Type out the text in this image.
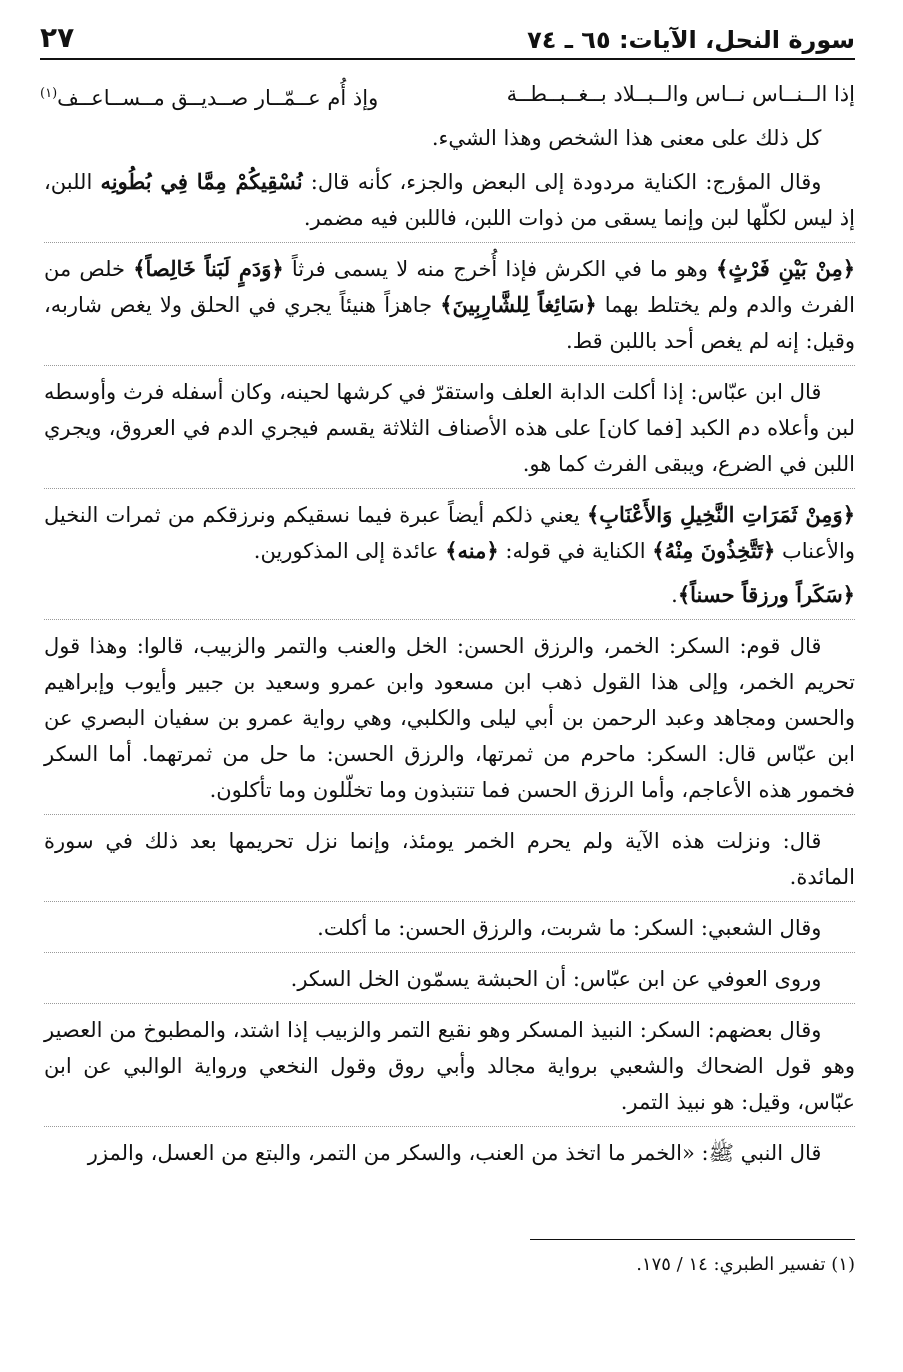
سورة النحل، الآيات: ٦٥ ـ ٧٤
٢٧
إذا الــنــاس نــاس والــبــلاد بــغــبــطــة
وإذ أُم عــمّــار صــديــق مــســاعــف$^{(١)}$

كل ذلك على معنى هذا الشخص وهذا الشيء.

وقال المؤرج: الكناية مردودة إلى البعض والجزء، كأنه قال: نُسْقِيكُمْ مِمَّا فِي بُطُونِه اللبن، إذ ليس لكلّها لبن وإنما يسقى من ذوات اللبن، فاللبن فيه مضمر.

﴿مِنْ بَيْنِ فَرْثٍ﴾ وهو ما في الكرش فإذا أُخرج منه لا يسمى فرثاً ﴿وَدَمٍ لَبَناً خَالِصاً﴾ خلص من الفرث والدم ولم يختلط بهما ﴿سَائِغاً لِلشَّارِبِينَ﴾ جاهزاً هنيئاً يجري في الحلق ولا يغص شاربه، وقيل: إنه لم يغص أحد باللبن قط.

قال ابن عبّاس: إذا أكلت الدابة العلف واستقرّ في كرشها لحينه، وكان أسفله فرث وأوسطه لبن وأعلاه دم الكبد [فما كان] على هذه الأصناف الثلاثة يقسم فيجري الدم في العروق، ويجري اللبن في الضرع، ويبقى الفرث كما هو.

﴿وَمِنْ ثَمَرَاتِ النَّخِيلِ وَالأَعْنَابِ﴾ يعني ذلكم أيضاً عبرة فيما نسقيكم ونرزقكم من ثمرات النخيل والأعناب ﴿تَتَّخِذُونَ مِنْهُ﴾ الكناية في قوله: ﴿منه﴾ عائدة إلى المذكورين.

﴿سَكَراً ورزقاً حسناً﴾.

قال قوم: السكر: الخمر، والرزق الحسن: الخل والعنب والتمر والزبيب، قالوا: وهذا قول تحريم الخمر، وإلى هذا القول ذهب ابن مسعود وابن عمرو وسعيد بن جبير وأيوب وإبراهيم والحسن ومجاهد وعبد الرحمن بن أبي ليلى والكلبي، وهي رواية عمرو بن سفيان البصري عن ابن عبّاس قال: السكر: ماحرم من ثمرتها، والرزق الحسن: ما حل من ثمرتهما. أما السكر فخمور هذه الأعاجم، وأما الرزق الحسن فما تنتبذون وما تخلّلون وما تأكلون.

قال: ونزلت هذه الآية ولم يحرم الخمر يومئذ، وإنما نزل تحريمها بعد ذلك في سورة المائدة.

وقال الشعبي: السكر: ما شربت، والرزق الحسن: ما أكلت.

وروى العوفي عن ابن عبّاس: أن الحبشة يسمّون الخل السكر.

وقال بعضهم: السكر: النبيذ المسكر وهو نقيع التمر والزبيب إذا اشتد، والمطبوخ من العصير وهو قول الضحاك والشعبي برواية مجالد وأبي روق وقول النخعي ورواية الوالبي عن ابن عبّاس، وقيل: هو نبيذ التمر.

قال النبي ﷺ: «الخمر ما اتخذ من العنب، والسكر من التمر، والبتع من العسل، والمزر

(١) تفسير الطبري: ١٤ / ١٧٥.
